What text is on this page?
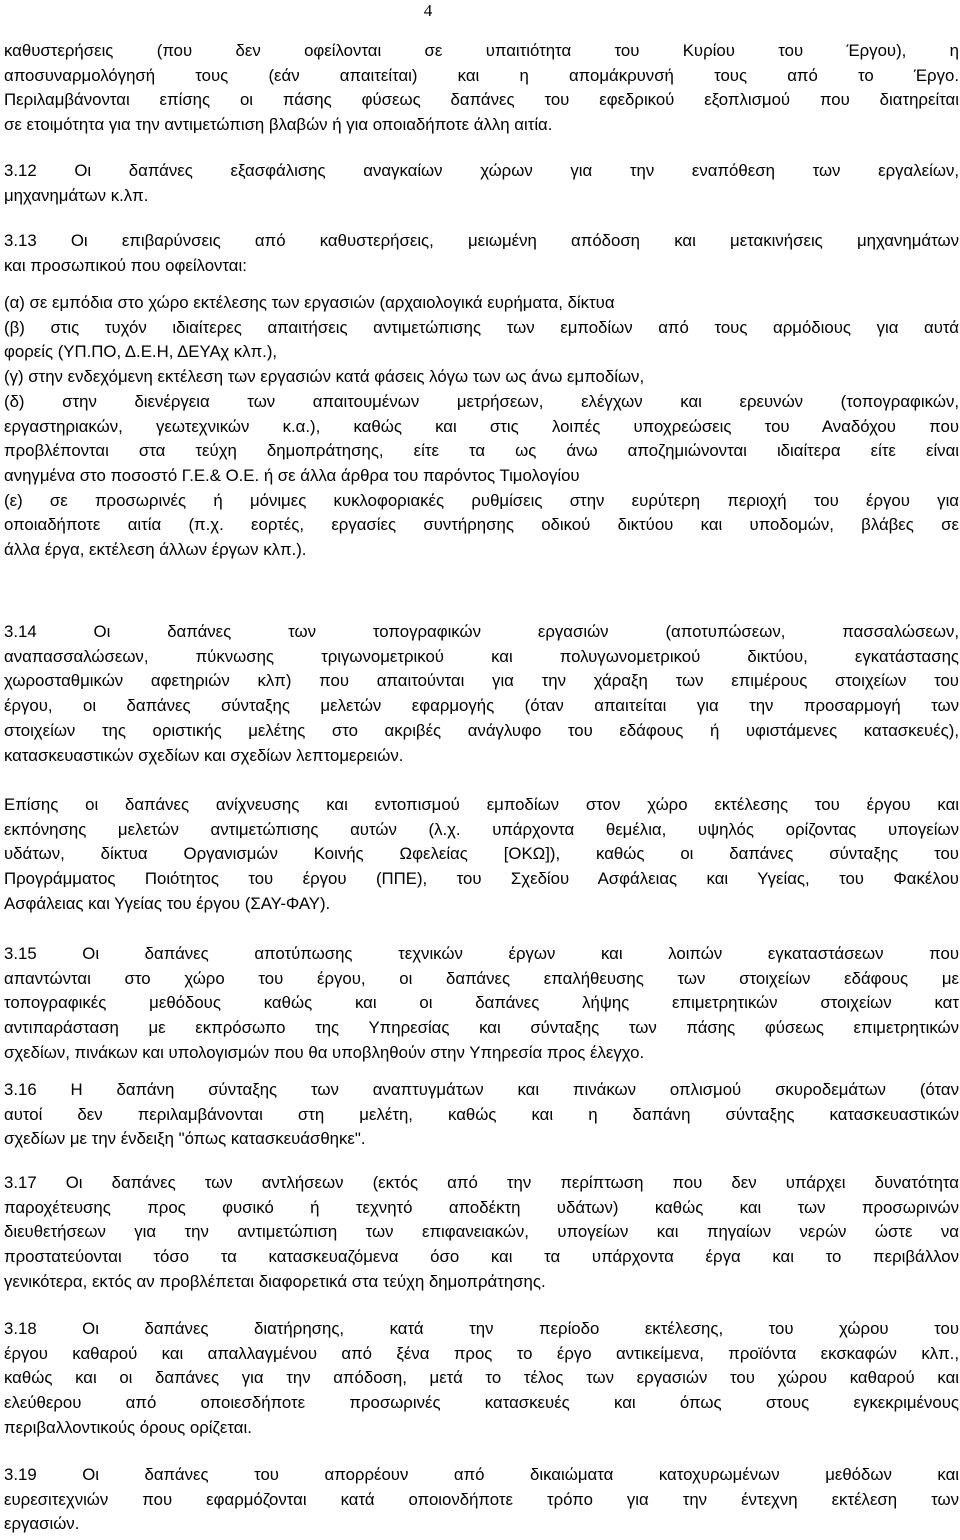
4
καθυστερήσεις (που δεν οφείλονται σε υπαιτιότητα του Κυρίου του Έργου), η
αποσυναρμολόγησή τους (εάν απαιτείται) και η απομάκρυνσή τους από το Έργο.
Περιλαμβάνονται επίσης οι πάσης φύσεως δαπάνες του εφεδρικού εξοπλισμού που διατηρείται
σε ετοιμότητα για την αντιμετώπιση βλαβών ή για οποιαδήποτε άλλη αιτία.
3.12 Οι δαπάνες εξασφάλισης αναγκαίων χώρων για την εναπόθεση των εργαλείων,
μηχανημάτων κ.λπ.
3.13 Οι επιβαρύνσεις από καθυστερήσεις, μειωμένη απόδοση και μετακινήσεις μηχανημάτων
και προσωπικού που οφείλονται:
(α) σε εμπόδια στο χώρο εκτέλεσης των εργασιών (αρχαιολογικά ευρήματα, δίκτυα
(β) στις τυχόν ιδιαίτερες απαιτήσεις αντιμετώπισης των εμποδίων από τους αρμόδιους για αυτά
φορείς (ΥΠ.ΠΟ, Δ.Ε.Η, ΔΕΥΑχ κλπ.),
(γ) στην ενδεχόμενη εκτέλεση των εργασιών κατά φάσεις λόγω των ως άνω εμποδίων,
(δ) στην διενέργεια των απαιτουμένων μετρήσεων, ελέγχων και ερευνών (τοπογραφικών,
εργαστηριακών, γεωτεχνικών κ.α.), καθώς και στις λοιπές υποχρεώσεις του Αναδόχου που
προβλέπονται στα τεύχη δημοπράτησης, είτε τα ως άνω αποζημιώνονται ιδιαίτερα είτε είναι
ανηγμένα στο ποσοστό Γ.Ε.& Ο.Ε. ή σε άλλα άρθρα του παρόντος Τιμολογίου
(ε) σε προσωρινές ή μόνιμες κυκλοφοριακές ρυθμίσεις στην ευρύτερη περιοχή του έργου για
οποιαδήποτε αιτία (π.χ. εορτές, εργασίες συντήρησης οδικού δικτύου και υποδομών, βλάβες σε
άλλα έργα, εκτέλεση άλλων έργων κλπ.).
3.14 Οι δαπάνες των τοπογραφικών εργασιών (αποτυπώσεων, πασσαλώσεων,
αναπασσαλώσεων, πύκνωσης τριγωνομετρικού και πολυγωνομετρικού δικτύου, εγκατάστασης
χωροσταθμικών αφετηριών κλπ) που απαιτούνται για την χάραξη των επιμέρους στοιχείων του
έργου, οι δαπάνες σύνταξης μελετών εφαρμογής (όταν απαιτείται για την προσαρμογή των
στοιχείων της οριστικής μελέτης στο ακριβές ανάγλυφο του εδάφους ή υφιστάμενες κατασκευές),
κατασκευαστικών σχεδίων και σχεδίων λεπτομερειών.
Επίσης οι δαπάνες ανίχνευσης και εντοπισμού εμποδίων στον χώρο εκτέλεσης του έργου και
εκπόνησης μελετών αντιμετώπισης αυτών (λ.χ. υπάρχοντα θεμέλια, υψηλός ορίζοντας υπογείων
υδάτων, δίκτυα Οργανισμών Κοινής Ωφελείας [ΟΚΩ]), καθώς οι δαπάνες σύνταξης του
Προγράμματος Ποιότητος του έργου (ΠΠΕ), του Σχεδίου Ασφάλειας και Υγείας, του Φακέλου
Ασφάλειας και Υγείας του έργου (ΣΑΥ-ΦΑΥ).
3.15 Οι δαπάνες αποτύπωσης τεχνικών έργων και λοιπών εγκαταστάσεων που
απαντώνται στο χώρο του έργου, οι δαπάνες επαλήθευσης των στοιχείων εδάφους με
τοπογραφικές μεθόδους καθώς και οι δαπάνες λήψης επιμετρητικών στοιχείων κατ
αντιπαράσταση με εκπρόσωπο της Υπηρεσίας και σύνταξης των πάσης φύσεως επιμετρητικών
σχεδίων, πινάκων και υπολογισμών που θα υποβληθούν στην Υπηρεσία προς έλεγχο.
3.16 Η δαπάνη σύνταξης των αναπτυγμάτων και πινάκων οπλισμού σκυροδεμάτων (όταν
αυτοί δεν περιλαμβάνονται στη μελέτη, καθώς και η δαπάνη σύνταξης κατασκευαστικών
σχεδίων με την ένδειξη "όπως κατασκευάσθηκε".
3.17 Οι δαπάνες των αντλήσεων (εκτός από την περίπτωση που δεν υπάρχει δυνατότητα
παροχέτευσης προς φυσικό ή τεχνητό αποδέκτη υδάτων) καθώς και των προσωρινών
διευθετήσεων για την αντιμετώπιση των επιφανειακών, υπογείων και πηγαίων νερών ώστε να
προστατεύονται τόσο τα κατασκευαζόμενα όσο και τα υπάρχοντα έργα και το περιβάλλον
γενικότερα, εκτός αν προβλέπεται διαφορετικά στα τεύχη δημοπράτησης.
3.18 Οι δαπάνες διατήρησης, κατά την περίοδο εκτέλεσης, του χώρου του
έργου καθαρού και απαλλαγμένου από ξένα προς το έργο αντικείμενα, προϊόντα εκσκαφών κλπ.,
καθώς και οι δαπάνες για την απόδοση, μετά το τέλος των εργασιών του χώρου καθαρού και
ελεύθερου από οποιεσδήποτε προσωρινές κατασκευές και όπως στους εγκεκριμένους
περιβαλλοντικούς όρους ορίζεται.
3.19 Οι δαπάνες του απορρέουν από δικαιώματα κατοχυρωμένων μεθόδων και
ευρεσιτεχνιών που εφαρμόζονται κατά οποιονδήποτε τρόπο για την έντεχνη εκτέλεση των
εργασιών.
